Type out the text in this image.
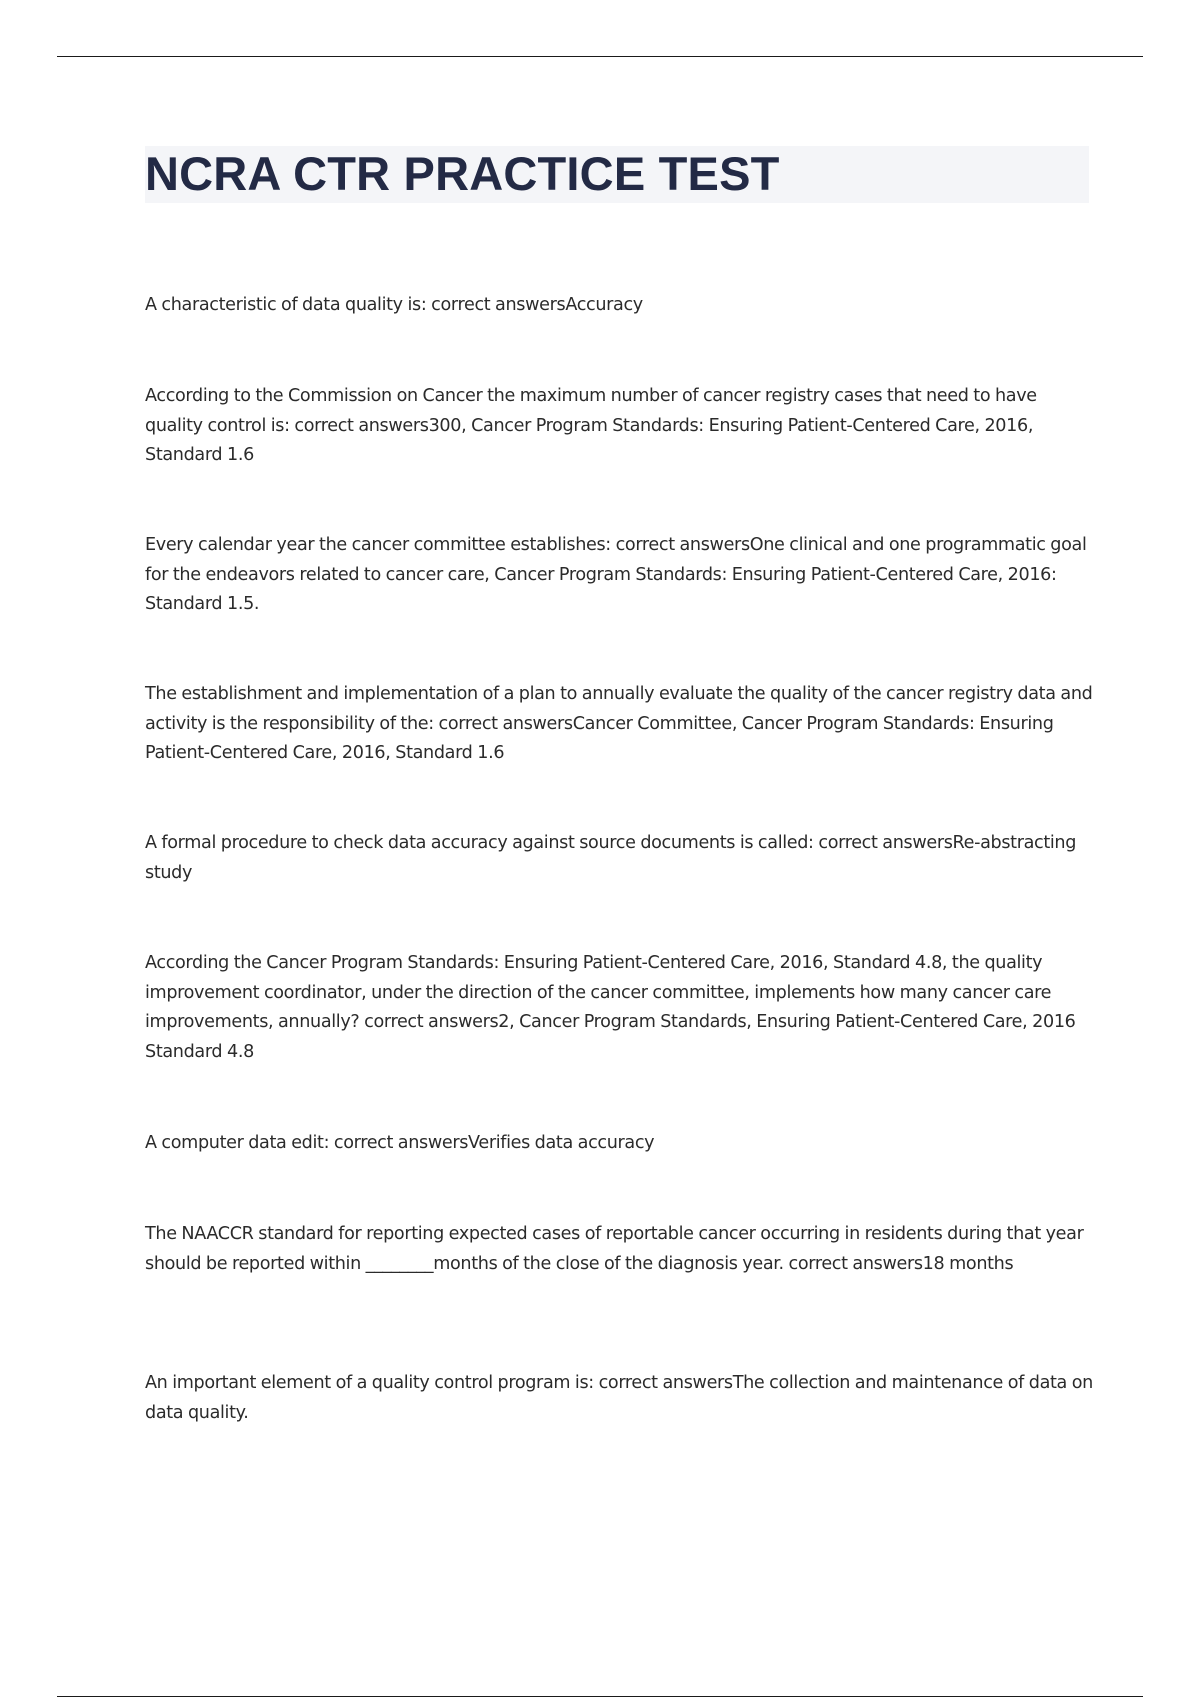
NCRA CTR PRACTICE TEST

A characteristic of data quality is: correct answersAccuracy

According to the Commission on Cancer the maximum number of cancer registry cases that need to have quality control is: correct answers300, Cancer Program Standards: Ensuring Patient-Centered Care, 2016, Standard 1.6

Every calendar year the cancer committee establishes: correct answersOne clinical and one programmatic goal for the endeavors related to cancer care, Cancer Program Standards: Ensuring Patient-Centered Care, 2016: Standard 1.5.

The establishment and implementation of a plan to annually evaluate the quality of the cancer registry data and activity is the responsibility of the: correct answersCancer Committee, Cancer Program Standards: Ensuring Patient-Centered Care, 2016, Standard 1.6

A formal procedure to check data accuracy against source documents is called: correct answersRe-abstracting study

According the Cancer Program Standards: Ensuring Patient-Centered Care, 2016, Standard 4.8, the quality improvement coordinator, under the direction of the cancer committee, implements how many cancer care improvements, annually? correct answers2, Cancer Program Standards, Ensuring Patient-Centered Care, 2016 Standard 4.8

A computer data edit: correct answersVerifies data accuracy

The NAACCR standard for reporting expected cases of reportable cancer occurring in residents during that year should be reported within ________months of the close of the diagnosis year. correct answers18 months

An important element of a quality control program is: correct answersThe collection and maintenance of data on data quality.
